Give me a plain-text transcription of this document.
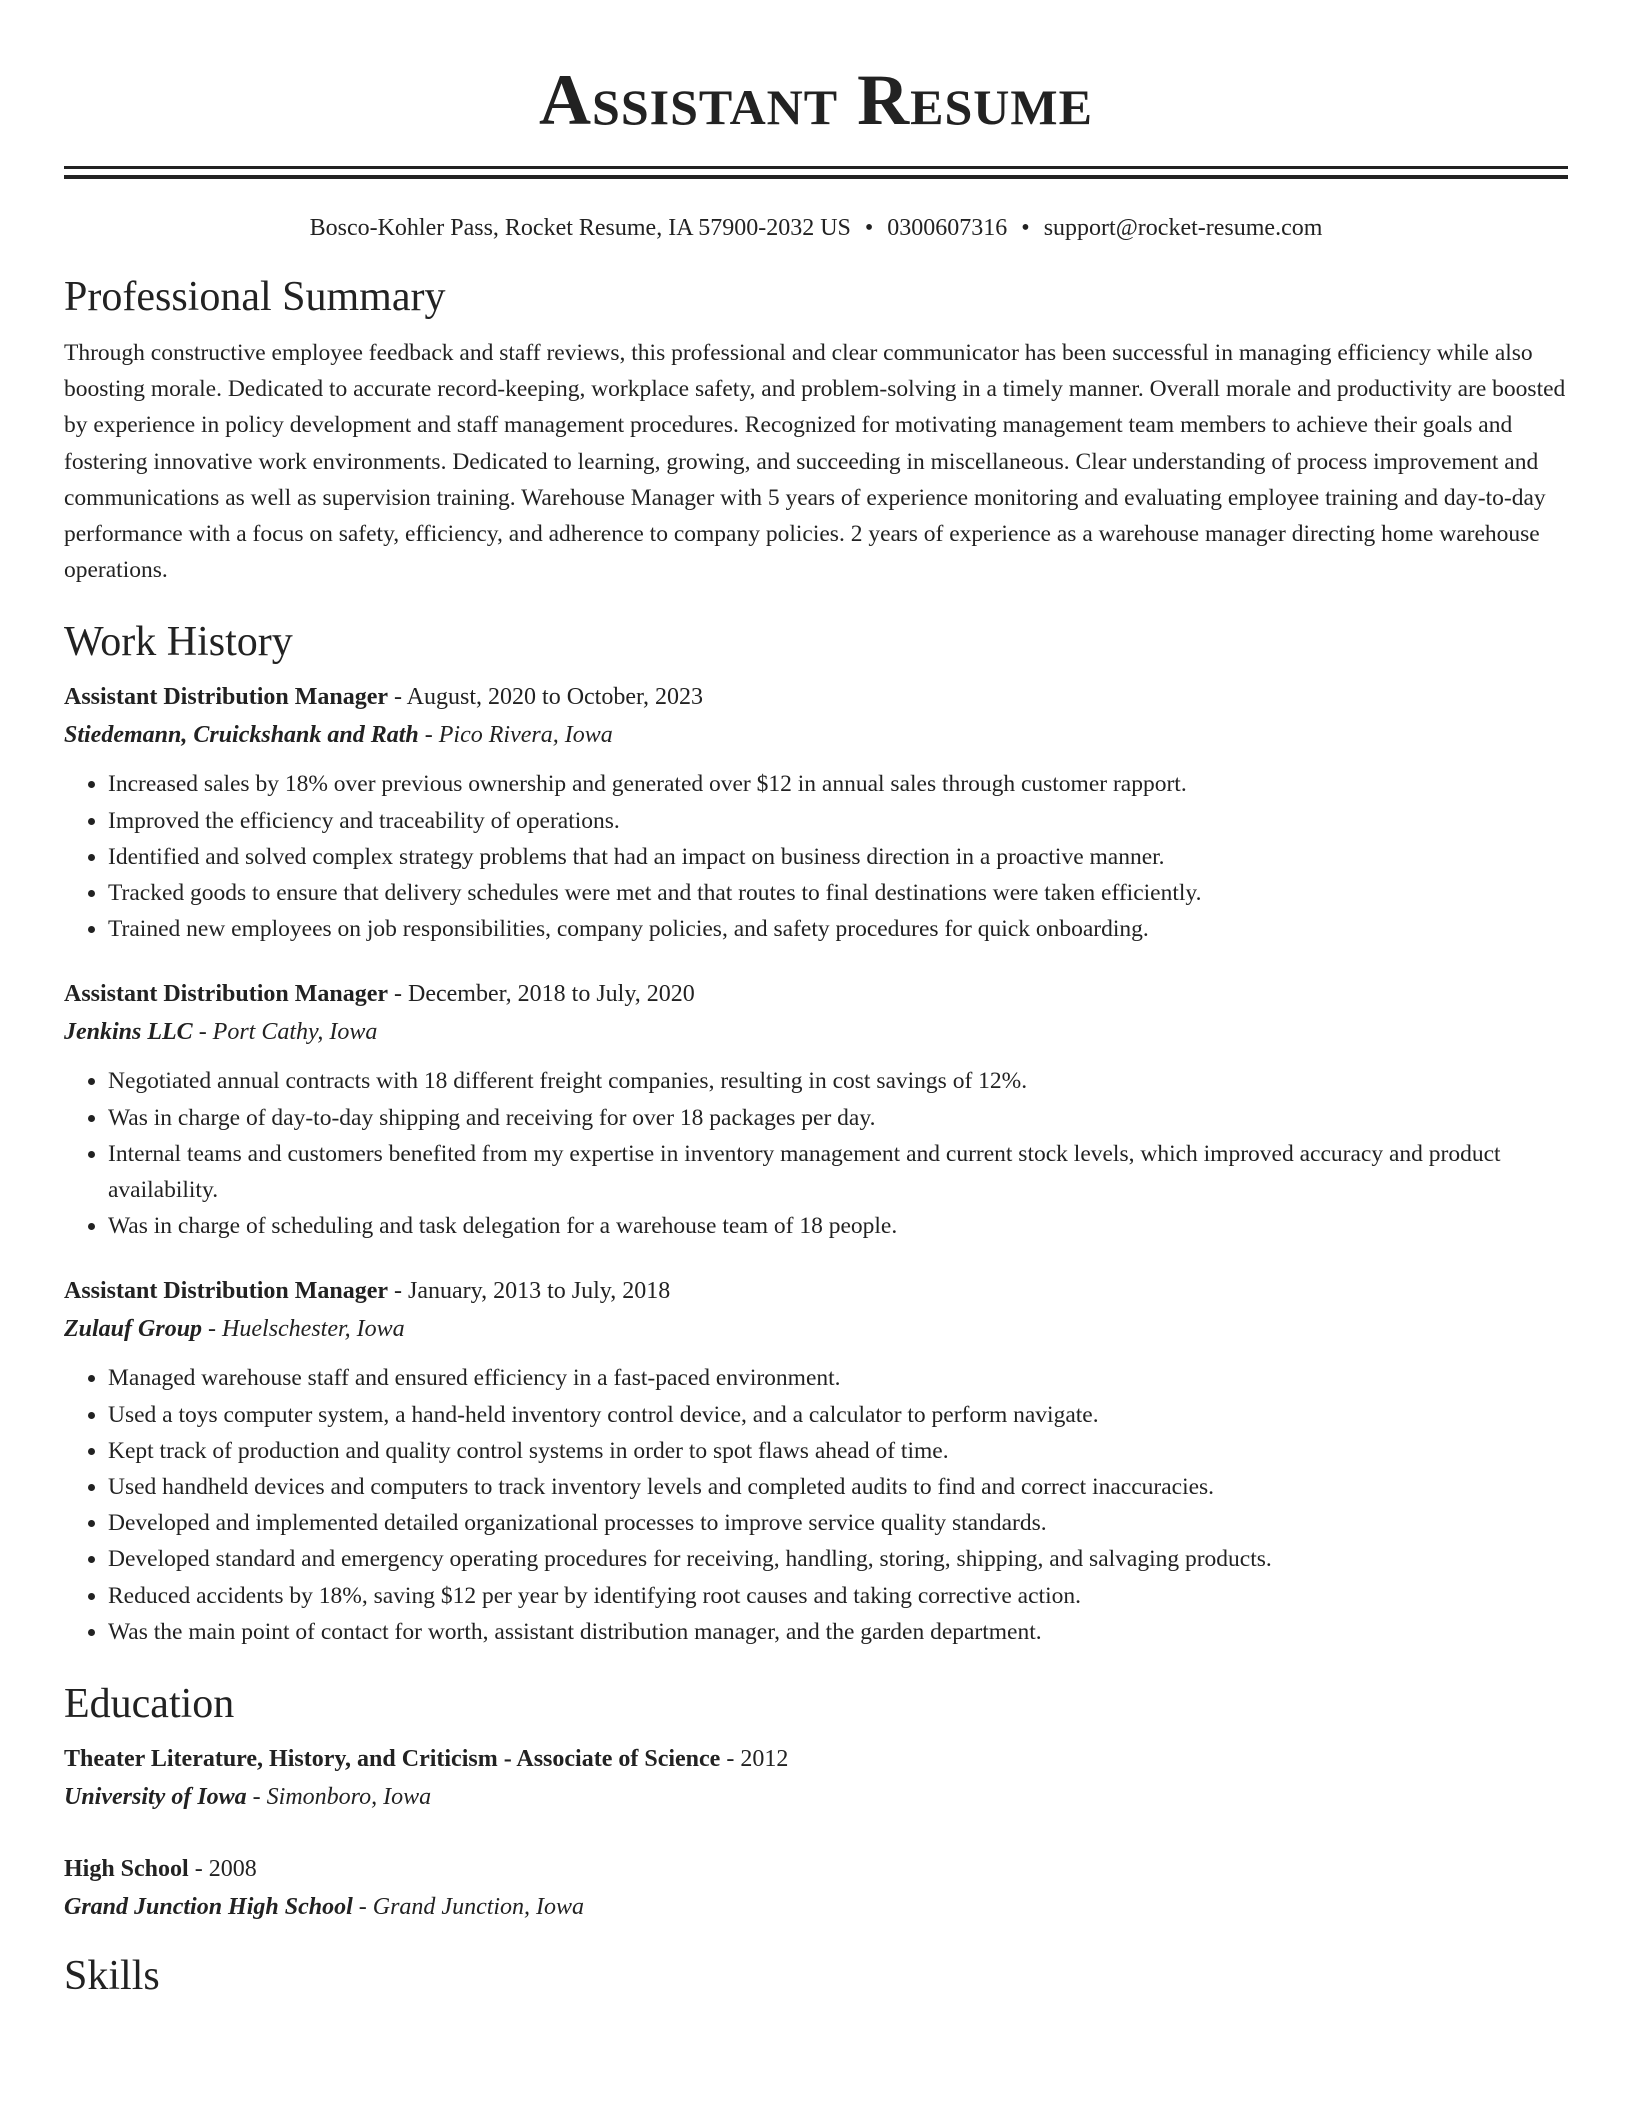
Assistant Resume
Bosco-Kohler Pass, Rocket Resume, IA 57900-2032 US • 0300607316 • support@rocket-resume.com
Professional Summary

Through constructive employee feedback and staff reviews, this professional and clear communicator has been successful in managing efficiency while also boosting morale. Dedicated to accurate record-keeping, workplace safety, and problem-solving in a timely manner. Overall morale and productivity are boosted by experience in policy development and staff management procedures. Recognized for motivating management team members to achieve their goals and fostering innovative work environments. Dedicated to learning, growing, and succeeding in miscellaneous. Clear understanding of process improvement and communications as well as supervision training. Warehouse Manager with 5 years of experience monitoring and evaluating employee training and day-to-day performance with a focus on safety, efficiency, and adherence to company policies. 2 years of experience as a warehouse manager directing home warehouse operations.

Work History
Assistant Distribution Manager - August, 2020 to October, 2023
Stiedemann, Cruickshank and Rath - Pico Rivera, Iowa
• Increased sales by 18% over previous ownership and generated over $12 in annual sales through customer rapport.
• Improved the efficiency and traceability of operations.
• Identified and solved complex strategy problems that had an impact on business direction in a proactive manner.
• Tracked goods to ensure that delivery schedules were met and that routes to final destinations were taken efficiently.
• Trained new employees on job responsibilities, company policies, and safety procedures for quick onboarding.
Assistant Distribution Manager - December, 2018 to July, 2020
Jenkins LLC - Port Cathy, Iowa
• Negotiated annual contracts with 18 different freight companies, resulting in cost savings of 12%.
• Was in charge of day-to-day shipping and receiving for over 18 packages per day.
• Internal teams and customers benefited from my expertise in inventory management and current stock levels, which improved accuracy and product availability.
• Was in charge of scheduling and task delegation for a warehouse team of 18 people.
Assistant Distribution Manager - January, 2013 to July, 2018
Zulauf Group - Huelschester, Iowa
• Managed warehouse staff and ensured efficiency in a fast-paced environment.
• Used a toys computer system, a hand-held inventory control device, and a calculator to perform navigate.
• Kept track of production and quality control systems in order to spot flaws ahead of time.
• Used handheld devices and computers to track inventory levels and completed audits to find and correct inaccuracies.
• Developed and implemented detailed organizational processes to improve service quality standards.
• Developed standard and emergency operating procedures for receiving, handling, storing, shipping, and salvaging products.
• Reduced accidents by 18%, saving $12 per year by identifying root causes and taking corrective action.
• Was the main point of contact for worth, assistant distribution manager, and the garden department.
Education
Theater Literature, History, and Criticism - Associate of Science - 2012
University of Iowa - Simonboro, Iowa
High School - 2008
Grand Junction High School - Grand Junction, Iowa
Skills
